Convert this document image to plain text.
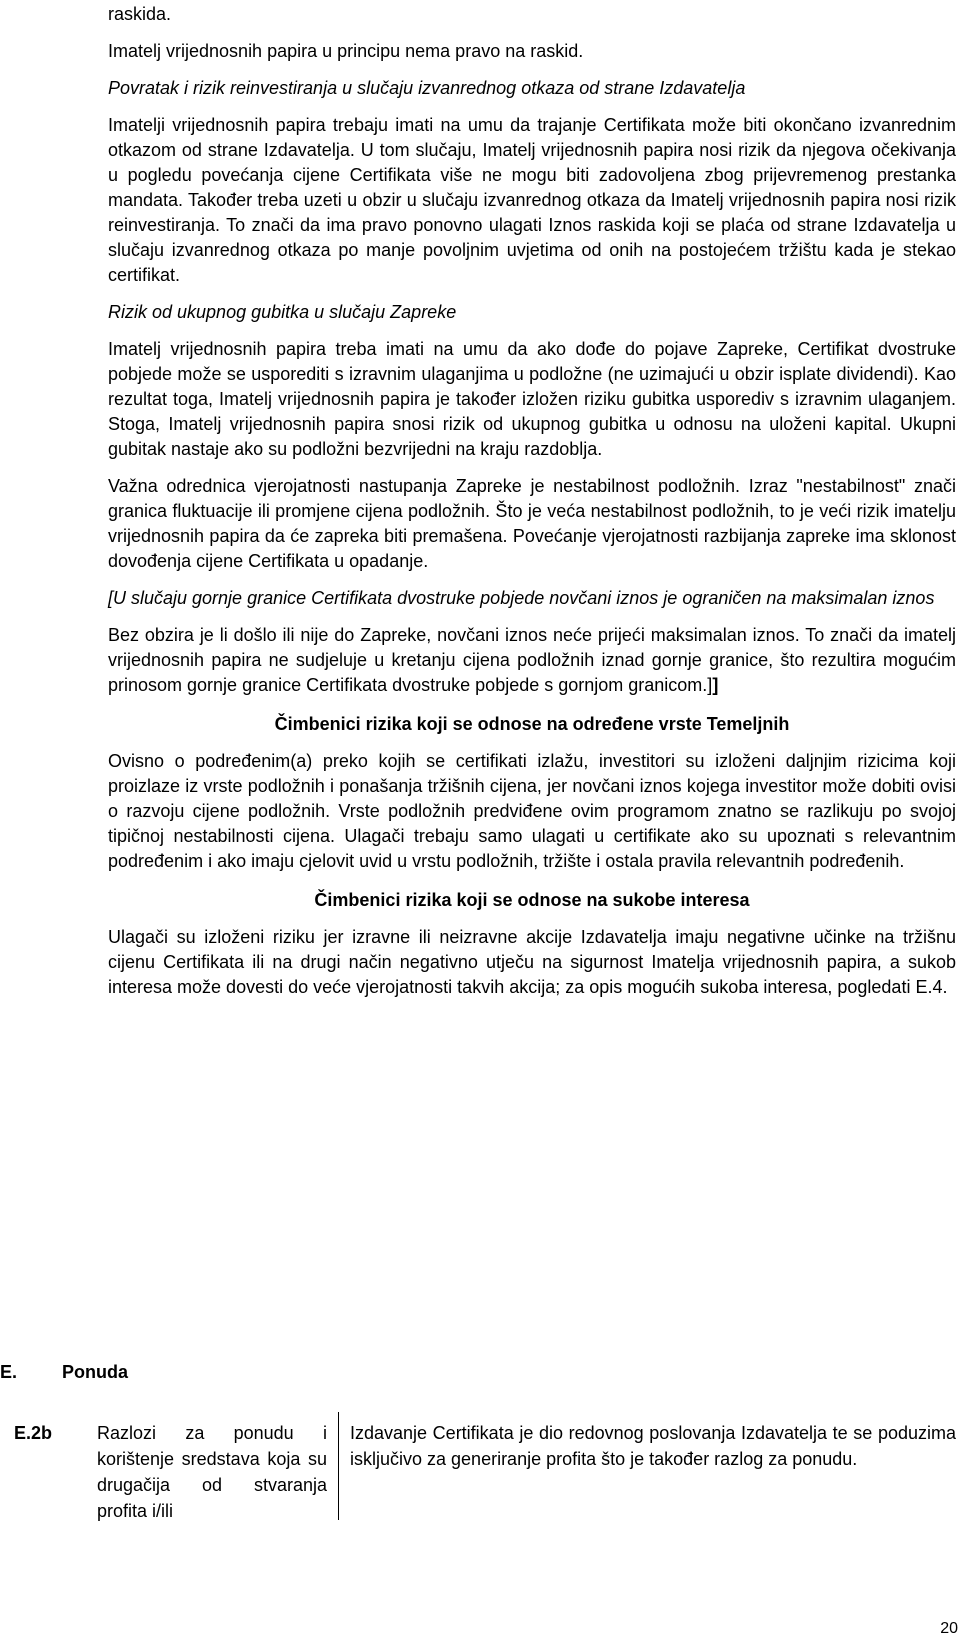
raskida.

Imatelj vrijednosnih papira u principu nema pravo na raskid.

Povratak i rizik reinvestiranja u slučaju izvanrednog otkaza od strane Izdavatelja

Imatelji vrijednosnih papira trebaju imati na umu da trajanje Certifikata može biti okončano izvanrednim otkazom od strane Izdavatelja. U tom slučaju, Imatelj vrijednosnih papira nosi rizik da njegova očekivanja u pogledu povećanja cijene Certifikata više ne mogu biti zadovoljena zbog prijevremenog prestanka mandata. Također treba uzeti u obzir u slučaju izvanrednog otkaza da Imatelj vrijednosnih papira nosi rizik reinvestiranja. To znači da ima pravo ponovno ulagati Iznos raskida koji se plaća od strane Izdavatelja u slučaju izvanrednog otkaza po manje povoljnim uvjetima od onih na postojećem tržištu kada je stekao certifikat.

Rizik od ukupnog gubitka u slučaju Zapreke

Imatelj vrijednosnih papira treba imati na umu da ako dođe do pojave Zapreke, Certifikat dvostruke pobjede može se usporediti s izravnim ulaganjima u podložne (ne uzimajući u obzir isplate dividendi). Kao rezultat toga, Imatelj vrijednosnih papira je također izložen riziku gubitka usporediv s izravnim ulaganjem. Stoga, Imatelj vrijednosnih papira snosi rizik od ukupnog gubitka u odnosu na uloženi kapital. Ukupni gubitak nastaje ako su podložni bezvrijedni na kraju razdoblja.

Važna odrednica vjerojatnosti nastupanja Zapreke je nestabilnost podložnih. Izraz "nestabilnost" znači granica fluktuacije ili promjene cijena podložnih. Što je veća nestabilnost podložnih, to je veći rizik imatelju vrijednosnih papira da će zapreka biti premašena. Povećanje vjerojatnosti razbijanja zapreke ima sklonost dovođenja cijene Certifikata u opadanje.

[U slučaju gornje granice Certifikata dvostruke pobjede novčani iznos je ograničen na maksimalan iznos

Bez obzira je li došlo ili nije do Zapreke, novčani iznos neće prijeći maksimalan iznos. To znači da imatelj vrijednosnih papira ne sudjeluje u kretanju cijena podložnih iznad gornje granice, što rezultira mogućim prinosom gornje granice Certifikata dvostruke pobjede s gornjom granicom.]]

Čimbenici rizika koji se odnose na određene vrste Temeljnih

Ovisno o podređenim(a) preko kojih se certifikati izlažu, investitori su izloženi daljnjim rizicima koji proizlaze iz vrste podložnih i ponašanja tržišnih cijena, jer novčani iznos kojega investitor može dobiti ovisi o razvoju cijene podložnih. Vrste podložnih predviđene ovim programom znatno se razlikuju po svojoj tipičnoj nestabilnosti cijena. Ulagači trebaju samo ulagati u certifikate ako su upoznati s relevantnim podređenim i ako imaju cjelovit uvid u vrstu podložnih, tržište i ostala pravila relevantnih podređenih.

Čimbenici rizika koji se odnose na sukobe interesa

Ulagači su izloženi riziku jer izravne ili neizravne akcije Izdavatelja imaju negativne učinke na tržišnu cijenu Certifikata ili na drugi način negativno utječu na sigurnost Imatelja vrijednosnih papira, a sukob interesa može dovesti do veće vjerojatnosti takvih akcija; za opis mogućih sukoba interesa, pogledati E.4.

E. Ponuda
E.2b	Razlozi za ponudu i korištenje sredstava koja su drugačija od stvaranja profita i/ili
Izdavanje Certifikata je dio redovnog poslovanja Izdavatelja te se poduzima isključivo za generiranje profita što je također razlog za ponudu.
20
